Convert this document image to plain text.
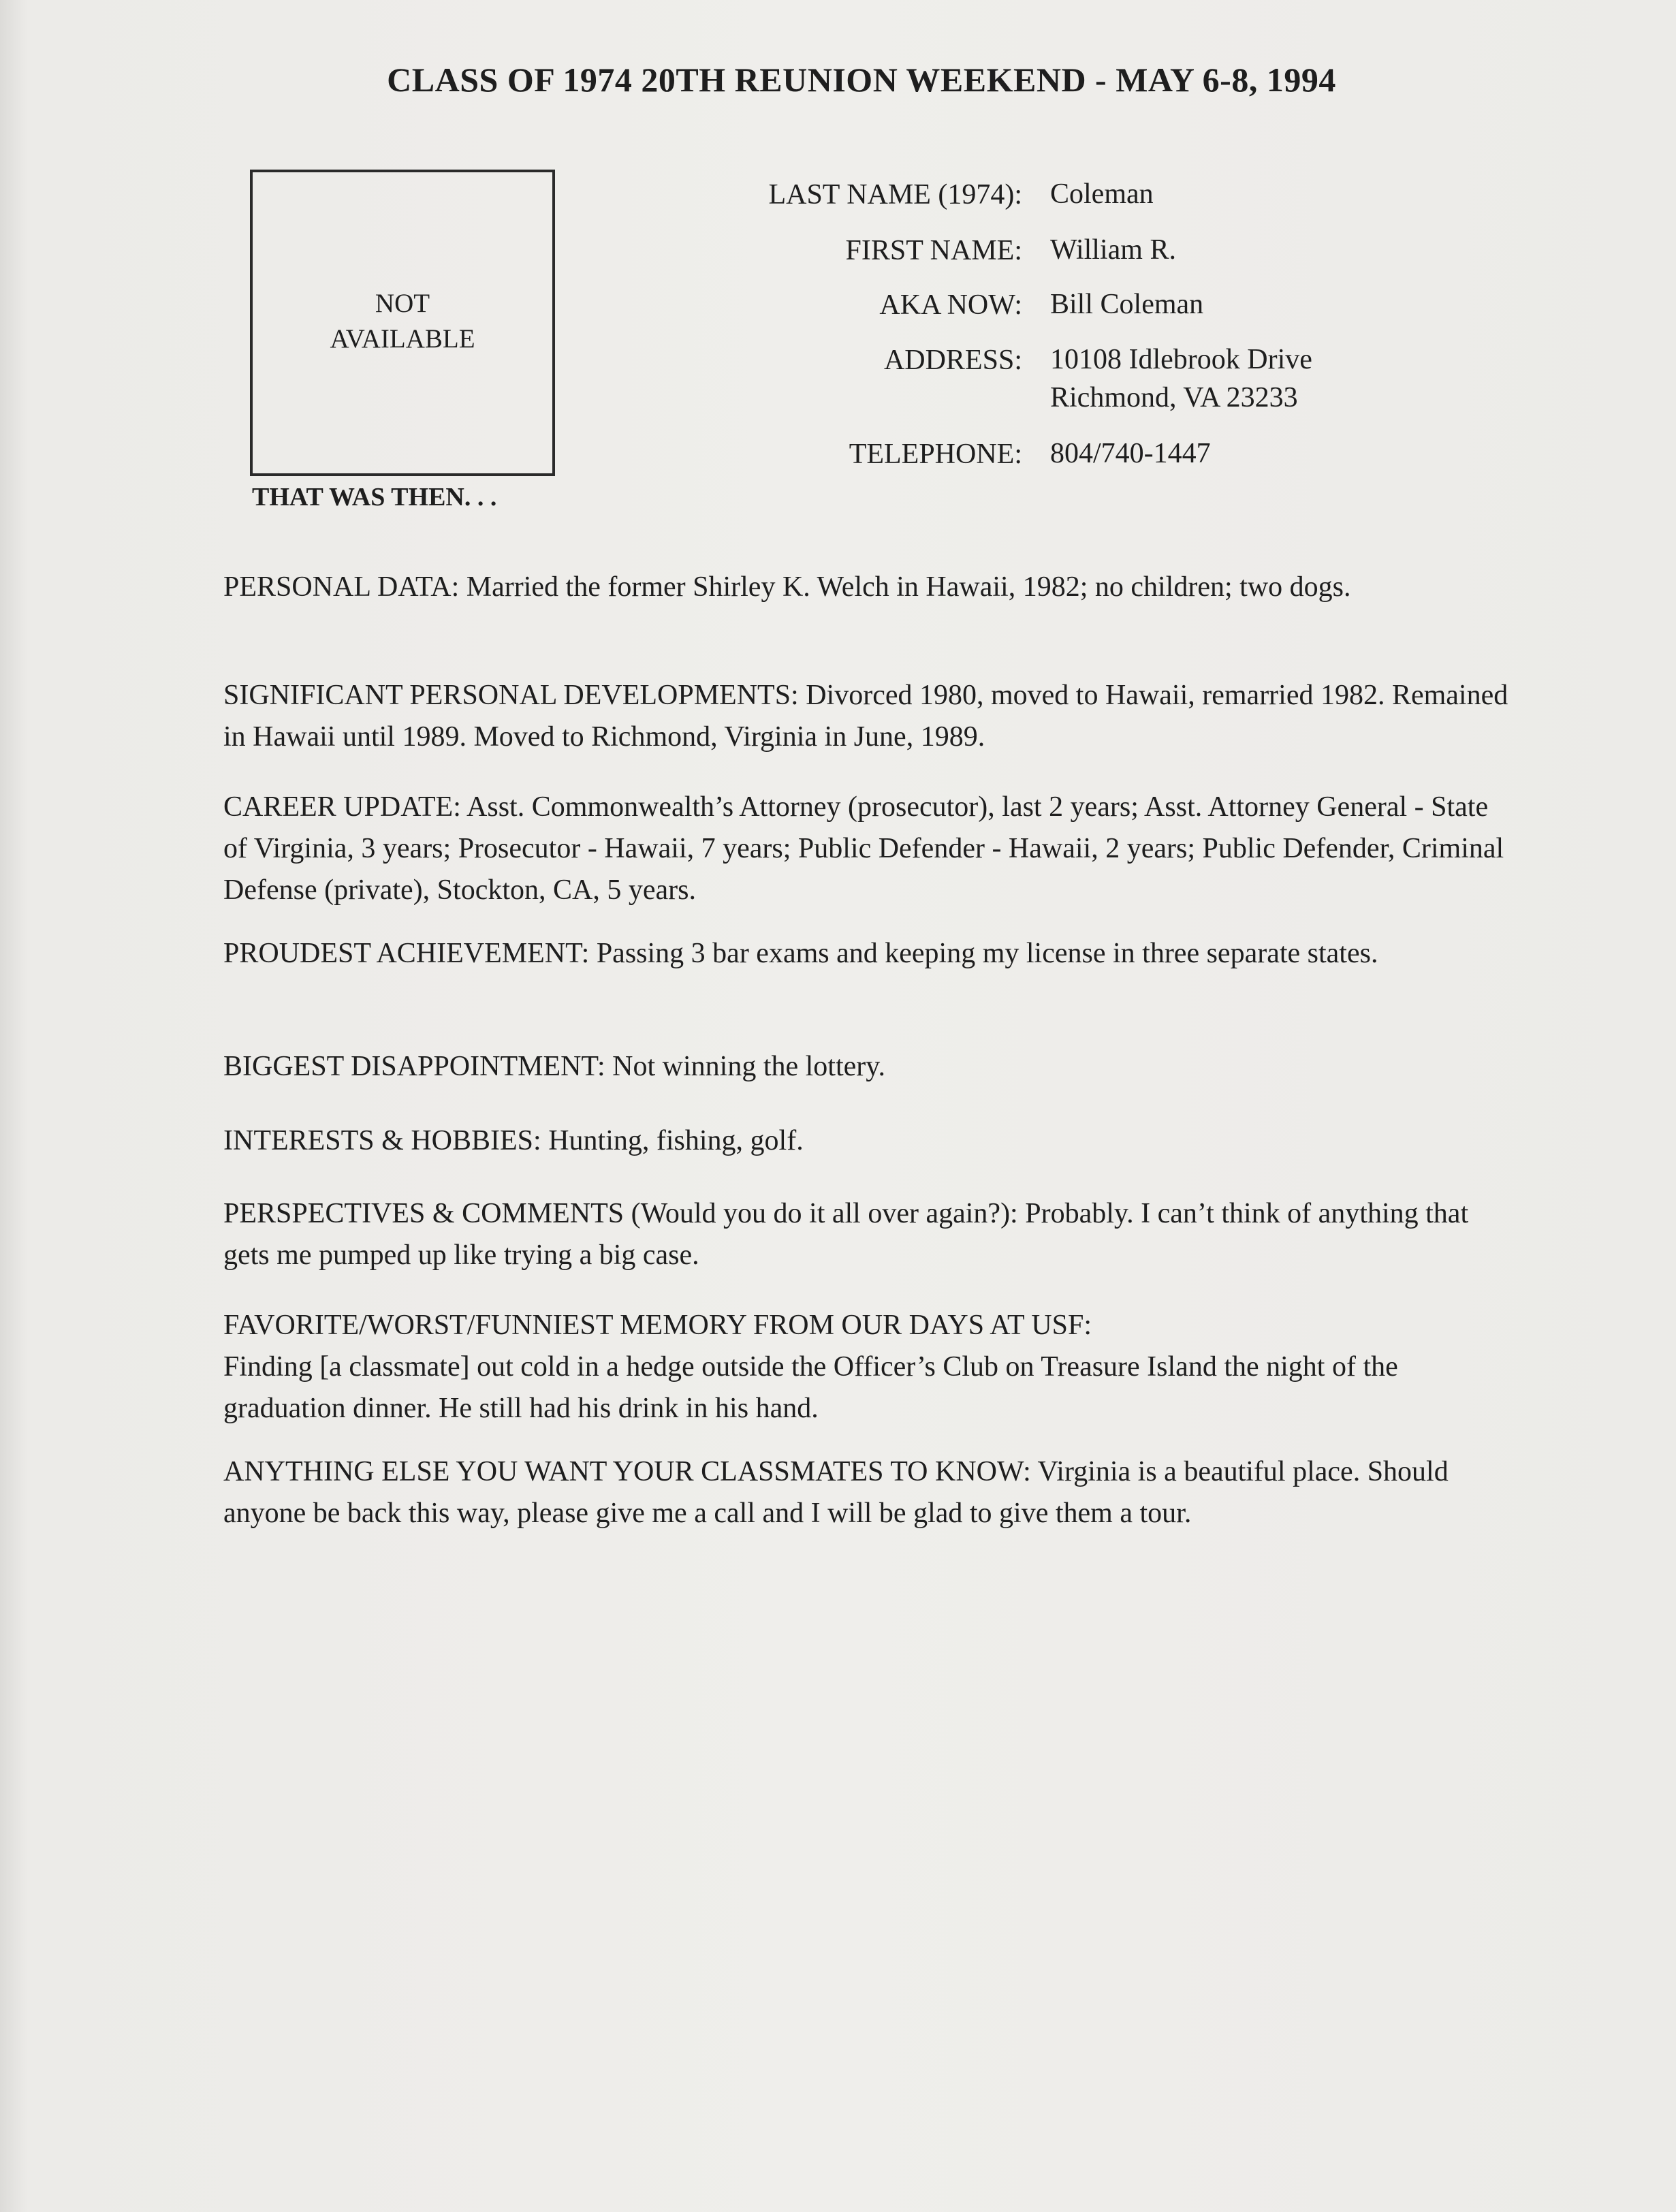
CLASS OF 1974 20TH REUNION WEEKEND - MAY 6-8, 1994
NOT
AVAILABLE
THAT WAS THEN. . .
LAST NAME (1974): Coleman
FIRST NAME: William R.
AKA NOW: Bill Coleman
ADDRESS: 10108 Idlebrook Drive
Richmond, VA 23233
TELEPHONE: 804/740-1447
PERSONAL DATA: Married the former Shirley K. Welch in Hawaii, 1982; no children; two dogs.
SIGNIFICANT PERSONAL DEVELOPMENTS: Divorced 1980, moved to Hawaii, remarried 1982. Remained in Hawaii until 1989. Moved to Richmond, Virginia in June, 1989.
CAREER UPDATE: Asst. Commonwealth’s Attorney (prosecutor), last 2 years; Asst. Attorney General - State of Virginia, 3 years; Prosecutor - Hawaii, 7 years; Public Defender - Hawaii, 2 years; Public Defender, Criminal Defense (private), Stockton, CA, 5 years.
PROUDEST ACHIEVEMENT: Passing 3 bar exams and keeping my license in three separate states.
BIGGEST DISAPPOINTMENT: Not winning the lottery.
INTERESTS & HOBBIES: Hunting, fishing, golf.
PERSPECTIVES & COMMENTS (Would you do it all over again?): Probably. I can’t think of anything that gets me pumped up like trying a big case.
FAVORITE/WORST/FUNNIEST MEMORY FROM OUR DAYS AT USF:
Finding [a classmate] out cold in a hedge outside the Officer’s Club on Treasure Island the night of the graduation dinner. He still had his drink in his hand.
ANYTHING ELSE YOU WANT YOUR CLASSMATES TO KNOW: Virginia is a beautiful place. Should anyone be back this way, please give me a call and I will be glad to give them a tour.
